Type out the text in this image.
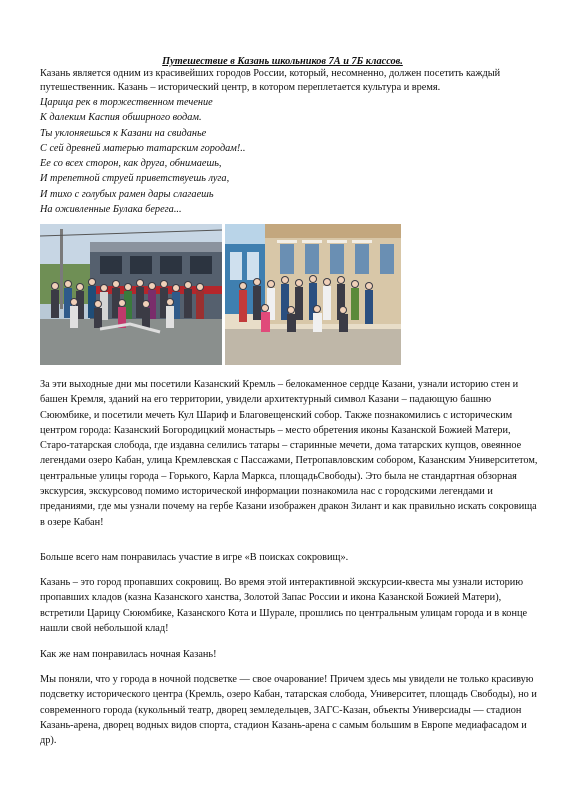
Путешествие в Казань школьников 7А и 7Б классов.

Казань является одним из красивейших городов России, который, несомненно, должен посетить каждый путешественник. Казань – исторический центр, в котором переплетается культура и время.

Царица рек в торжественном течение
К далеким Каспия обширного водам.
Ты уклоняешься к Казани на свиданье
С сей древней матерью татарским городам!..
Ее со всех сторон, как друга, обнимаешь,
И трепетной струей приветствуешь луга,
И тихо с голубых рамен дары слагаешь
На оживленные Булака берега...

За эти выходные дни мы посетили Казанский Кремль – белокаменное сердце Казани, узнали историю стен и башен Кремля, зданий на его территории, увидели архитектурный символ Казани – падающую башню Сююмбике, и посетили мечеть Кул Шариф и Благовещенский собор. Также познакомились с историческим центром города: Казанский Богородицкий монастырь – место обретения иконы Казанской Божией Матери, Старо-татарская слобода, где издавна селились татары – старинные мечети, дома татарских купцов, овеянное легендами озеро Кабан, улица Кремлевская с Пассажами, Петропавловским собором, Казанским Университетом, центральные улицы города – Горького, Карла Маркса, площадьСвободы). Это была не стандартная обзорная экскурсия, экскурсовод помимо исторической информации познакомила нас с городскими легендами и преданиями, где мы узнали почему на гербе Казани изображен дракон Зилант и как правильно искать сокровища в озере Кабан!

Больше всего нам понравилась участие в игре «В поисках сокровищ».

Казань – это город пропавших сокровищ. Во время этой интерактивной экскурсии-квеста мы узнали историю пропавших кладов (казна Казанского ханства, Золотой Запас России и икона Казанской Божией Матери), встретили Царицу Сююмбике, Казанского Кота и Шурале, прошлись по центральным улицам города и в конце нашли свой небольшой клад!

Как же нам понравилась ночная Казань!

Мы поняли, что у города в ночной подсветке — свое очарование! Причем здесь мы увидели не только красивую подсветку исторического центра (Кремль, озеро Кабан, татарская слобода, Университет, площадь Свободы), но и современного города (кукольный театр, дворец земледельцев, ЗАГС-Казан, объекты Универсиады — стадион Казань-арена, дворец водных видов спорта, стадион Казань-арена с самым большим в Европе медиафасадом и др).
